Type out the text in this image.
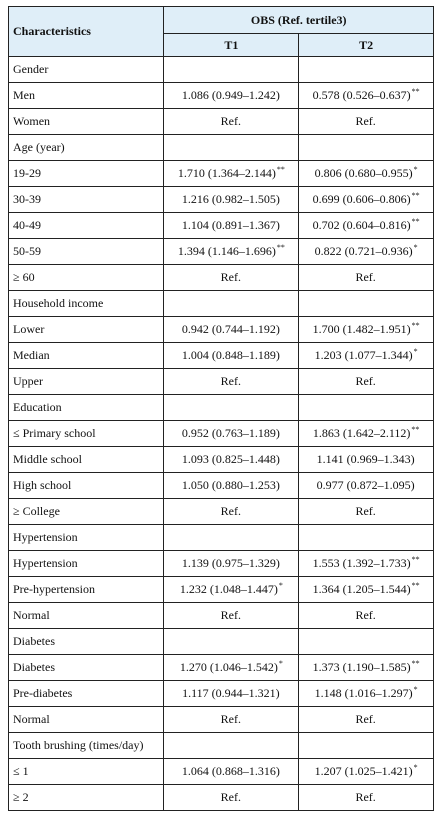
Characteristics	OBS (Ref. tertile3)	
	T1	T2
Gender		
Men	1.086 (0.949–1.242)	0.578 (0.526–0.637)**
Women	Ref.	Ref.
Age (year)		
19-29	1.710 (1.364–2.144)**	0.806 (0.680–0.955)*
30-39	1.216 (0.982–1.505)	0.699 (0.606–0.806)**
40-49	1.104 (0.891–1.367)	0.702 (0.604–0.816)**
50-59	1.394 (1.146–1.696)**	0.822 (0.721–0.936)*
≥ 60	Ref.	Ref.
Household income		
Lower	0.942 (0.744–1.192)	1.700 (1.482–1.951)**
Median	1.004 (0.848–1.189)	1.203 (1.077–1.344)*
Upper	Ref.	Ref.
Education		
≤ Primary school	0.952 (0.763–1.189)	1.863 (1.642–2.112)**
Middle school	1.093 (0.825–1.448)	1.141 (0.969–1.343)
High school	1.050 (0.880–1.253)	0.977 (0.872–1.095)
≥ College	Ref.	Ref.
Hypertension		
Hypertension	1.139 (0.975–1.329)	1.553 (1.392–1.733)**
Pre-hypertension	1.232 (1.048–1.447)*	1.364 (1.205–1.544)**
Normal	Ref.	Ref.
Diabetes		
Diabetes	1.270 (1.046–1.542)*	1.373 (1.190–1.585)**
Pre-diabetes	1.117 (0.944–1.321)	1.148 (1.016–1.297)*
Normal	Ref.	Ref.
Tooth brushing (times/day)		
≤ 1	1.064 (0.868–1.316)	1.207 (1.025–1.421)*
≥ 2	Ref.	Ref.
